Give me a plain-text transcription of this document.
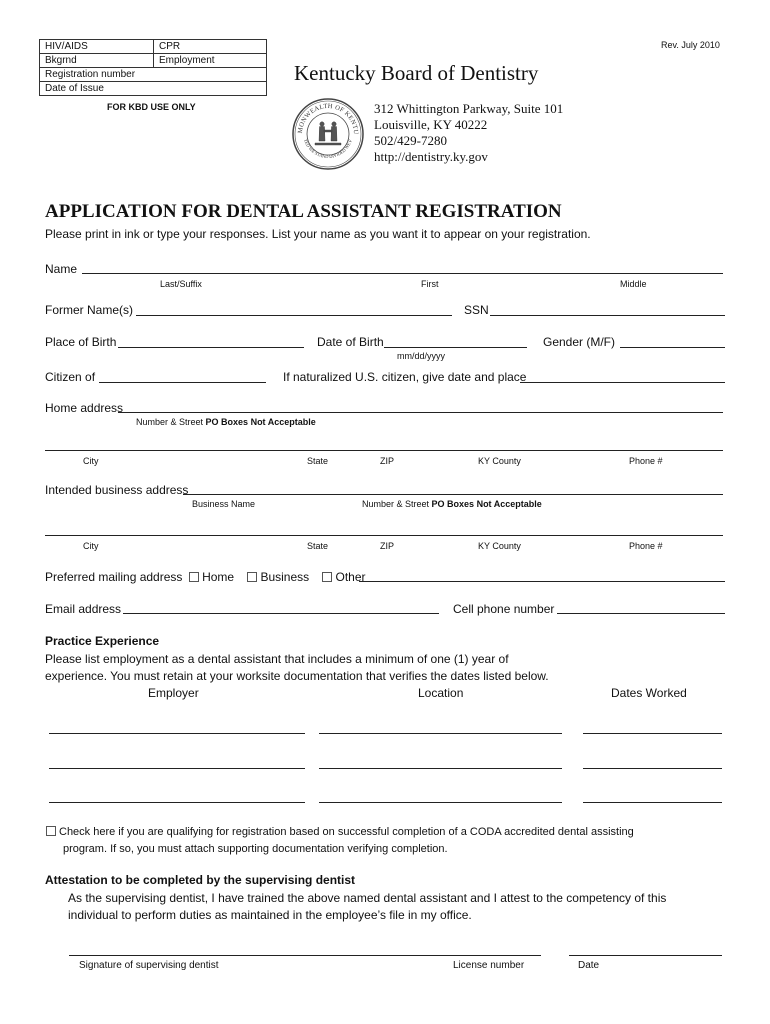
HIV/AIDS	CPR
Bkgrnd	Employment
Registration number
Date of Issue
FOR KBD USE ONLY
Rev. July 2010
Kentucky Board of Dentistry
MONWEALTH OF KENTU
TED WE STAND DIVIDED WE F
312 Whittington Parkway, Suite 101
Louisville, KY 40222
502/429-7280
http://dentistry.ky.gov
APPLICATION FOR DENTAL ASSISTANT REGISTRATION
Please print in ink or type your responses. List your name as you want it to appear on your registration.
Name
Last/Suffix	First	Middle
Former Name(s)	SSN
Place of Birth	Date of Birth
mm/dd/yyyy
Gender (M/F)
Citizen of	If naturalized U.S. citizen, give date and place
Home address
Number & Street PO Boxes Not Acceptable
City	State	ZIP	KY County	Phone #
Intended business address
Business Name	Number & Street PO Boxes Not Acceptable
City	State	ZIP	KY County	Phone #
Preferred mailing address Home Business Other
Email address	Cell phone number
Practice Experience
Please list employment as a dental assistant that includes a minimum of one (1) year of
experience. You must retain at your worksite documentation that verifies the dates listed below.
Employer	Location	Dates Worked
Check here if you are qualifying for registration based on successful completion of a CODA accredited dental assisting
program. If so, you must attach supporting documentation verifying completion.
Attestation to be completed by the supervising dentist
As the supervising dentist, I have trained the above named dental assistant and I attest to the competency of this
individual to perform duties as maintained in the employee’s file in my office.
Signature of supervising dentist	License number	Date
